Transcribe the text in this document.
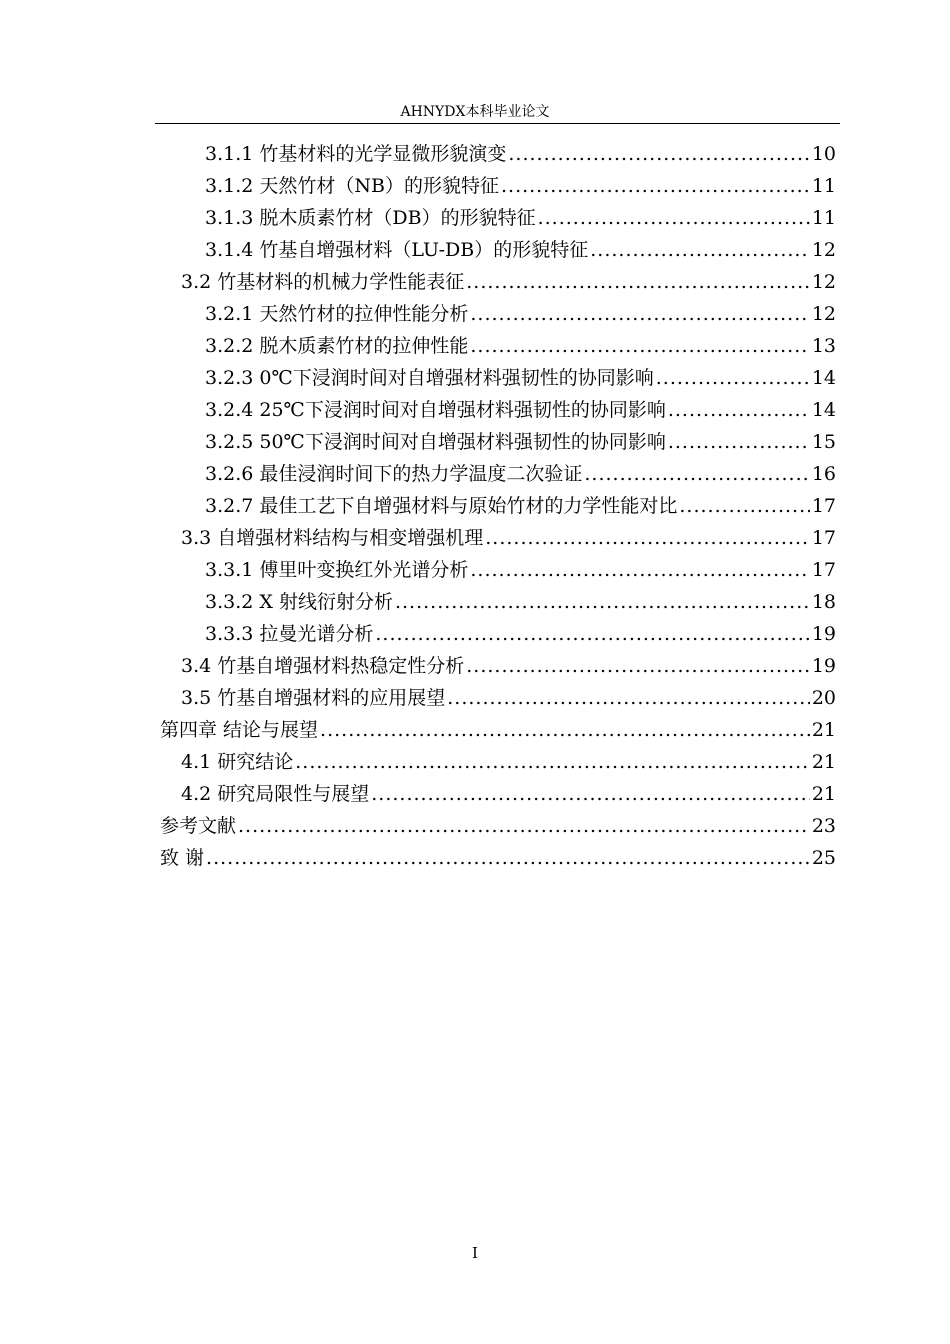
AHNYDX本科毕业论文
3.1.1 竹基材料的光学显微形貌演变 .....	10
3.1.2 天然竹材（NB）的形貌特征 .....	11
3.1.3 脱木质素竹材（DB）的形貌特征 .....	11
3.1.4 竹基自增强材料（LU-DB）的形貌特征 .....	12
3.2 竹基材料的机械力学性能表征 .....	12
3.2.1 天然竹材的拉伸性能分析 .....	12
3.2.2 脱木质素竹材的拉伸性能 .....	13
3.2.3 0℃下浸润时间对自增强材料强韧性的协同影响 .....	14
3.2.4 25℃下浸润时间对自增强材料强韧性的协同影响 .....	14
3.2.5 50℃下浸润时间对自增强材料强韧性的协同影响 .....	15
3.2.6 最佳浸润时间下的热力学温度二次验证 .....	16
3.2.7 最佳工艺下自增强材料与原始竹材的力学性能对比 .....	17
3.3 自增强材料结构与相变增强机理 .....	17
3.3.1 傅里叶变换红外光谱分析 .....	17
3.3.2 X 射线衍射分析 .....	18
3.3.3 拉曼光谱分析 .....	19
3.4 竹基自增强材料热稳定性分析 .....	19
3.5 竹基自增强材料的应用展望 .....	20
第四章 结论与展望 .....	21
4.1 研究结论 .....	21
4.2 研究局限性与展望 .....	21
参考文献 .....	23
致 谢 .....	25
I
